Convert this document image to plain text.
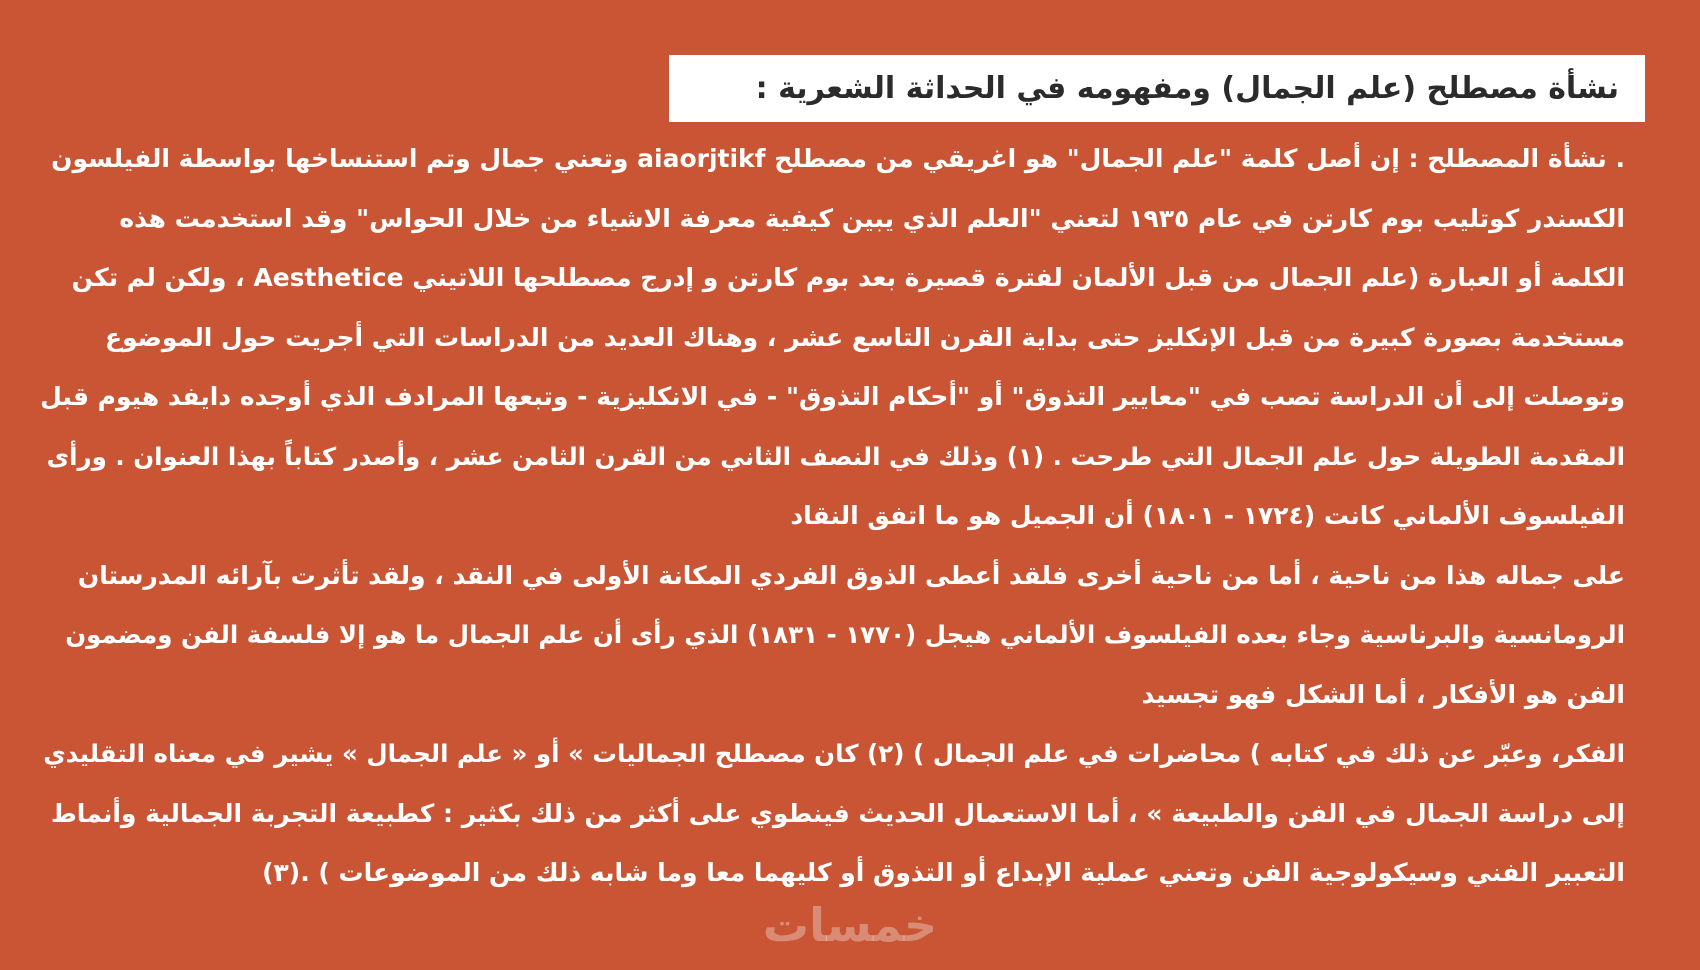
نشأة مصطلح (علم الجمال) ومفهومه في الحداثة الشعرية :
. نشأة المصطلح : إن أصل كلمة "علم الجمال" هو اغريقي من مصطلح aiaorjtikf وتعني جمال وتم استنساخها بواسطة الفيلسون
الكسندر كوتليب بوم كارتن في عام ١٩٣٥ لتعني "العلم الذي يبين كيفية معرفة الاشياء من خلال الحواس" وقد استخدمت هذه
الكلمة أو العبارة (علم الجمال من قبل الألمان لفترة قصيرة بعد بوم كارتن و إدرج مصطلحها اللاتيني Aesthetice ، ولكن لم تكن
مستخدمة بصورة كبيرة من قبل الإنكليز حتى بداية القرن التاسع عشر ، وهناك العديد من الدراسات التي أجريت حول الموضوع
وتوصلت إلى أن الدراسة تصب في "معايير التذوق" أو "أحكام التذوق" - في الانكليزية - وتبعها المرادف الذي أوجده دايفد هيوم قبل
المقدمة الطويلة حول علم الجمال التي طرحت . (١) وذلك في النصف الثاني من القرن الثامن عشر ، وأصدر كتاباً بهذا العنوان . ورأى
الفيلسوف الألماني كانت (١٧٢٤ - ١٨٠١) أن الجميل هو ما اتفق النقاد
على جماله هذا من ناحية ، أما من ناحية أخرى فلقد أعطى الذوق الفردي المكانة الأولى في النقد ، ولقد تأثرت بآرائه المدرستان
الرومانسية والبرناسية وجاء بعده الفيلسوف الألماني هيجل (١٧٧٠ - ١٨٣١) الذي رأى أن علم الجمال ما هو إلا فلسفة الفن ومضمون
الفن هو الأفكار ، أما الشكل فهو تجسيد
الفكر، وعبّر عن ذلك في كتابه ) محاضرات في علم الجمال ) (٢) كان مصطلح الجماليات » أو « علم الجمال » يشير في معناه التقليدي
إلى دراسة الجمال في الفن والطبيعة » ، أما الاستعمال الحديث فينطوي على أكثر من ذلك بكثير : كطبيعة التجربة الجمالية وأنماط
التعبير الفني وسيكولوجية الفن وتعني عملية الإبداع أو التذوق أو كليهما معا وما شابه ذلك من الموضوعات ) .(٣)
خمسات
